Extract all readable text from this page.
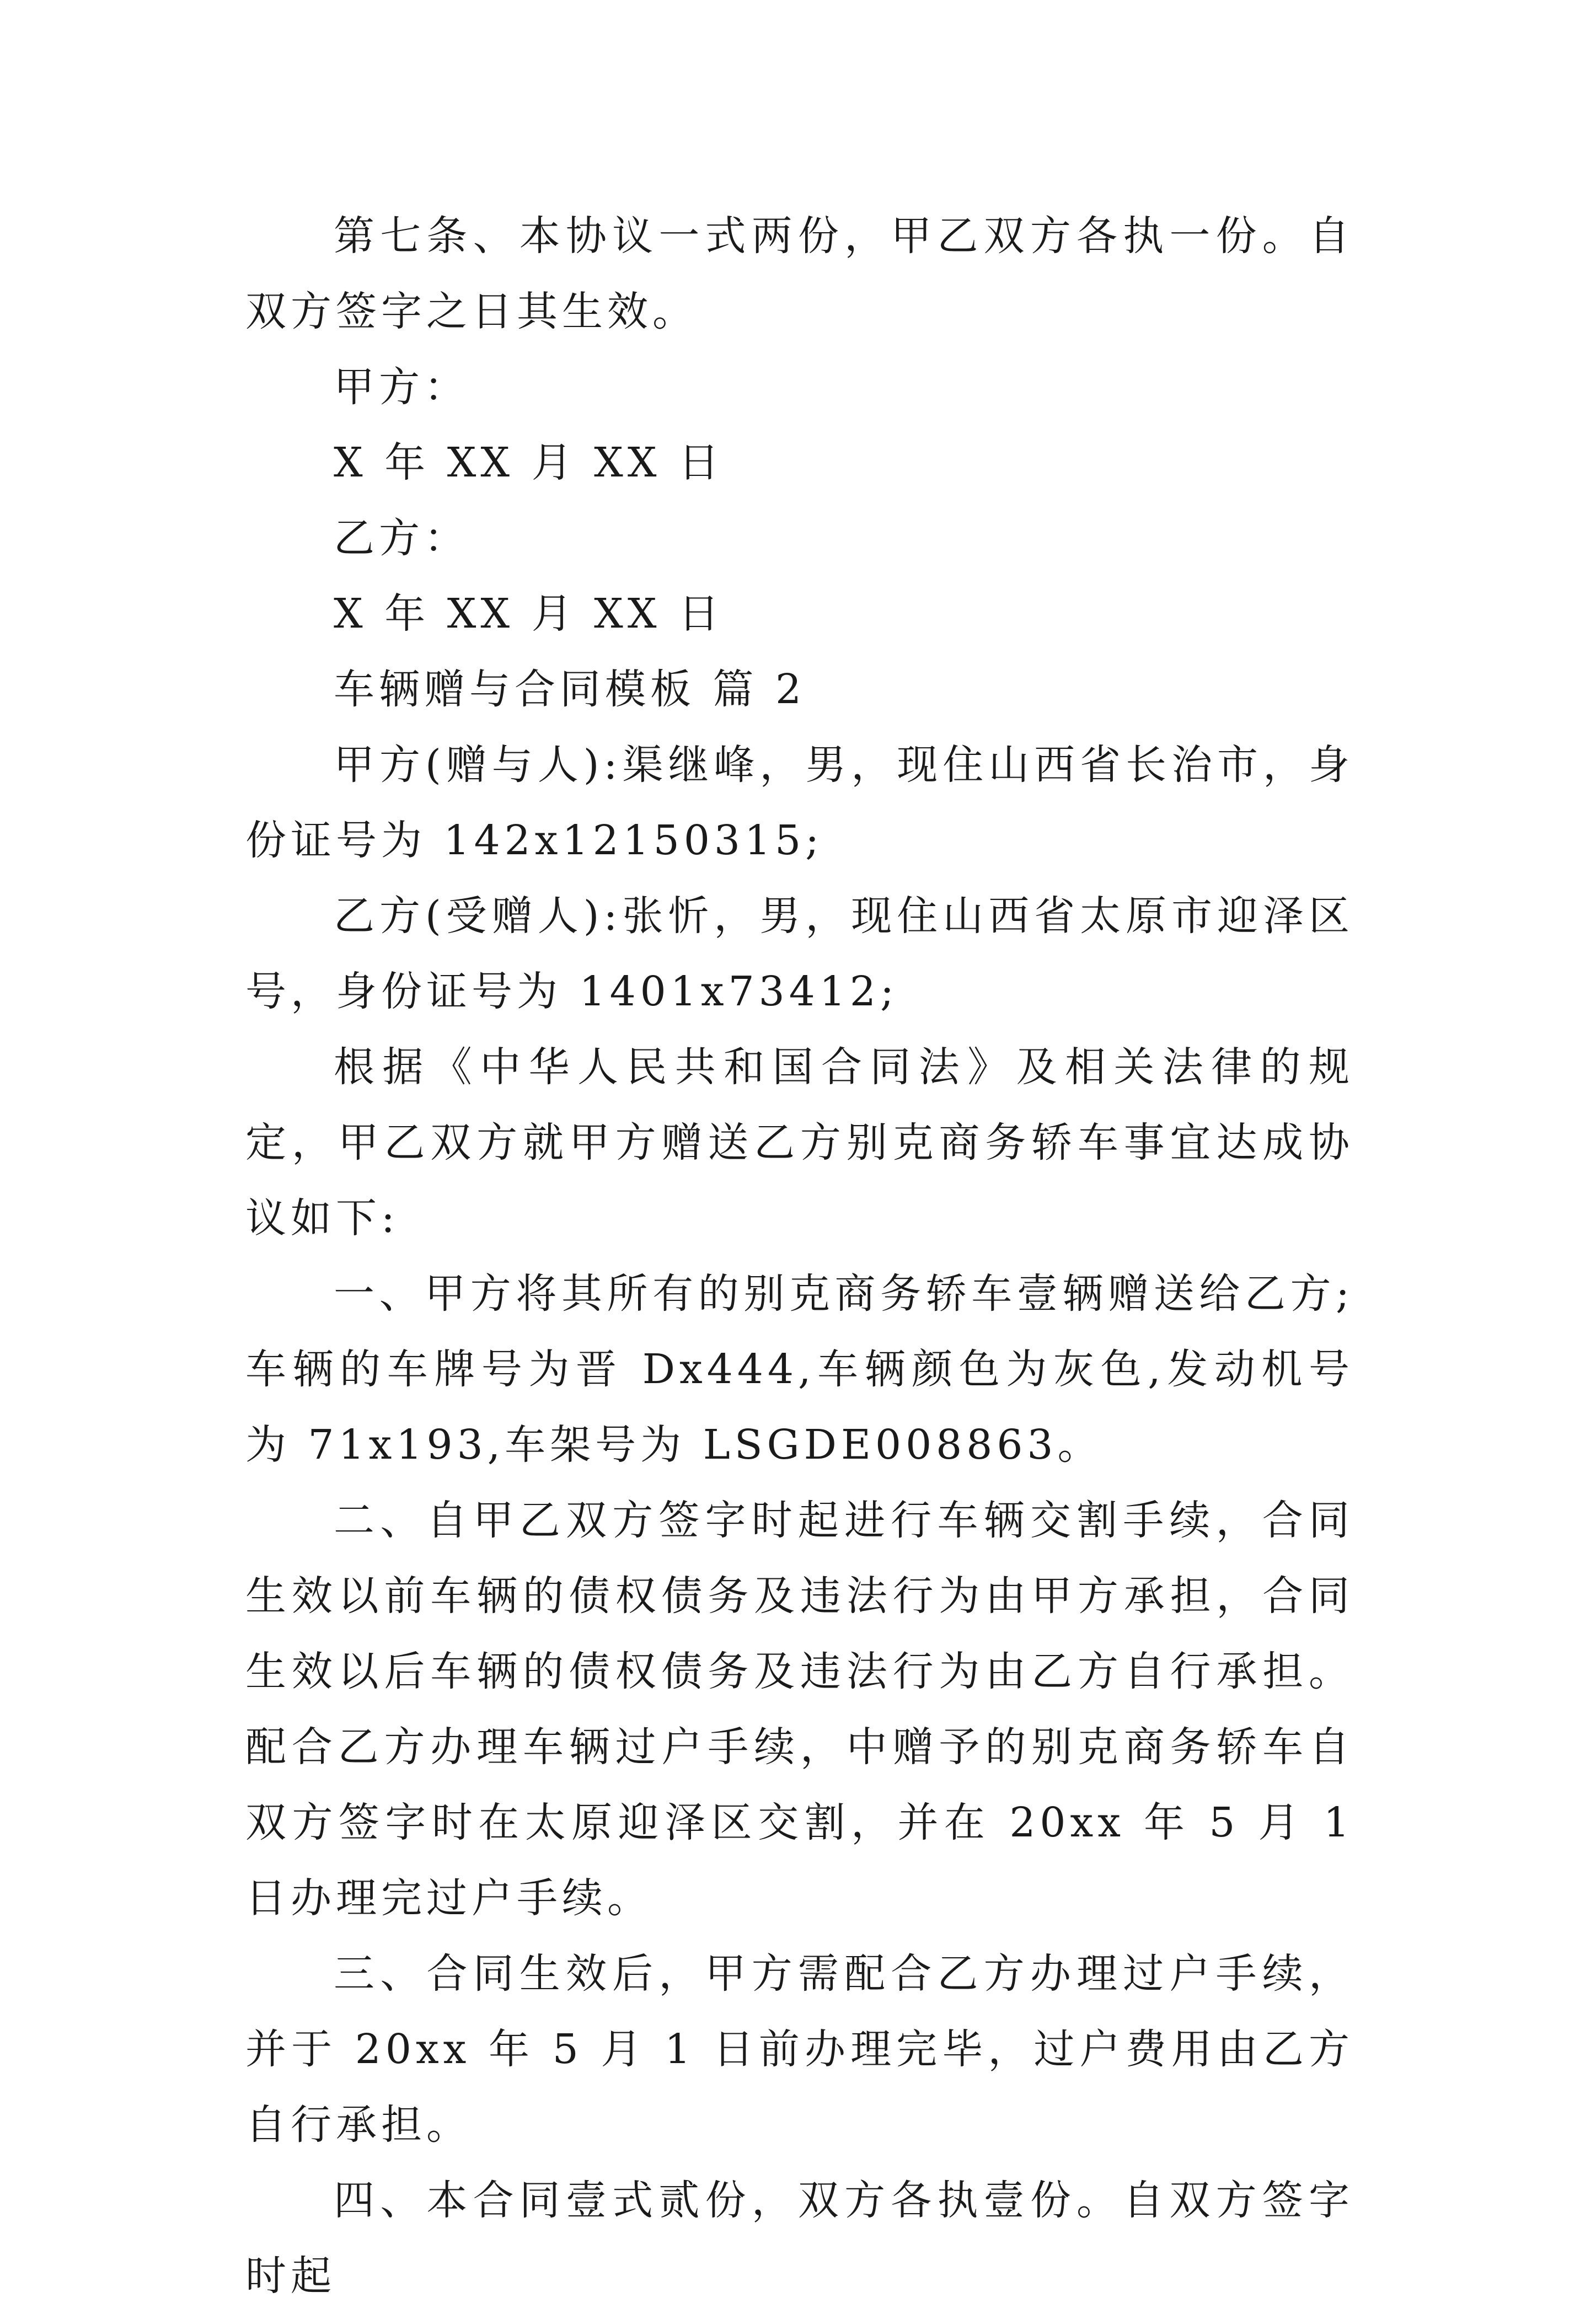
第七条、本协议一式两份，甲乙双方各执一份。自双方签字之日其生效。

甲方：

X 年 XX 月 XX 日

乙方：

X 年 XX 月 XX 日

车辆赠与合同模板 篇 2

甲方(赠与人):渠继峰，男，现住山西省长治市，身份证号为 142x12150315;

乙方(受赠人):张忻，男，现住山西省太原市迎泽区号，身份证号为 1401x73412;

根据《中华人民共和国合同法》及相关法律的规定，甲乙双方就甲方赠送乙方别克商务轿车事宜达成协议如下:

一、甲方将其所有的别克商务轿车壹辆赠送给乙方;车辆的车牌号为晋 Dx444,车辆颜色为灰色,发动机号为 71x193,车架号为 LSGDE008863。

二、自甲乙双方签字时起进行车辆交割手续，合同生效以前车辆的债权债务及违法行为由甲方承担，合同生效以后车辆的债权债务及违法行为由乙方自行承担。配合乙方办理车辆过户手续，中赠予的别克商务轿车自双方签字时在太原迎泽区交割，并在 20xx 年 5 月 1 日办理完过户手续。

三、合同生效后，甲方需配合乙方办理过户手续，并于 20xx 年 5 月 1 日前办理完毕，过户费用由乙方自行承担。

四、本合同壹式贰份，双方各执壹份。自双方签字时起
